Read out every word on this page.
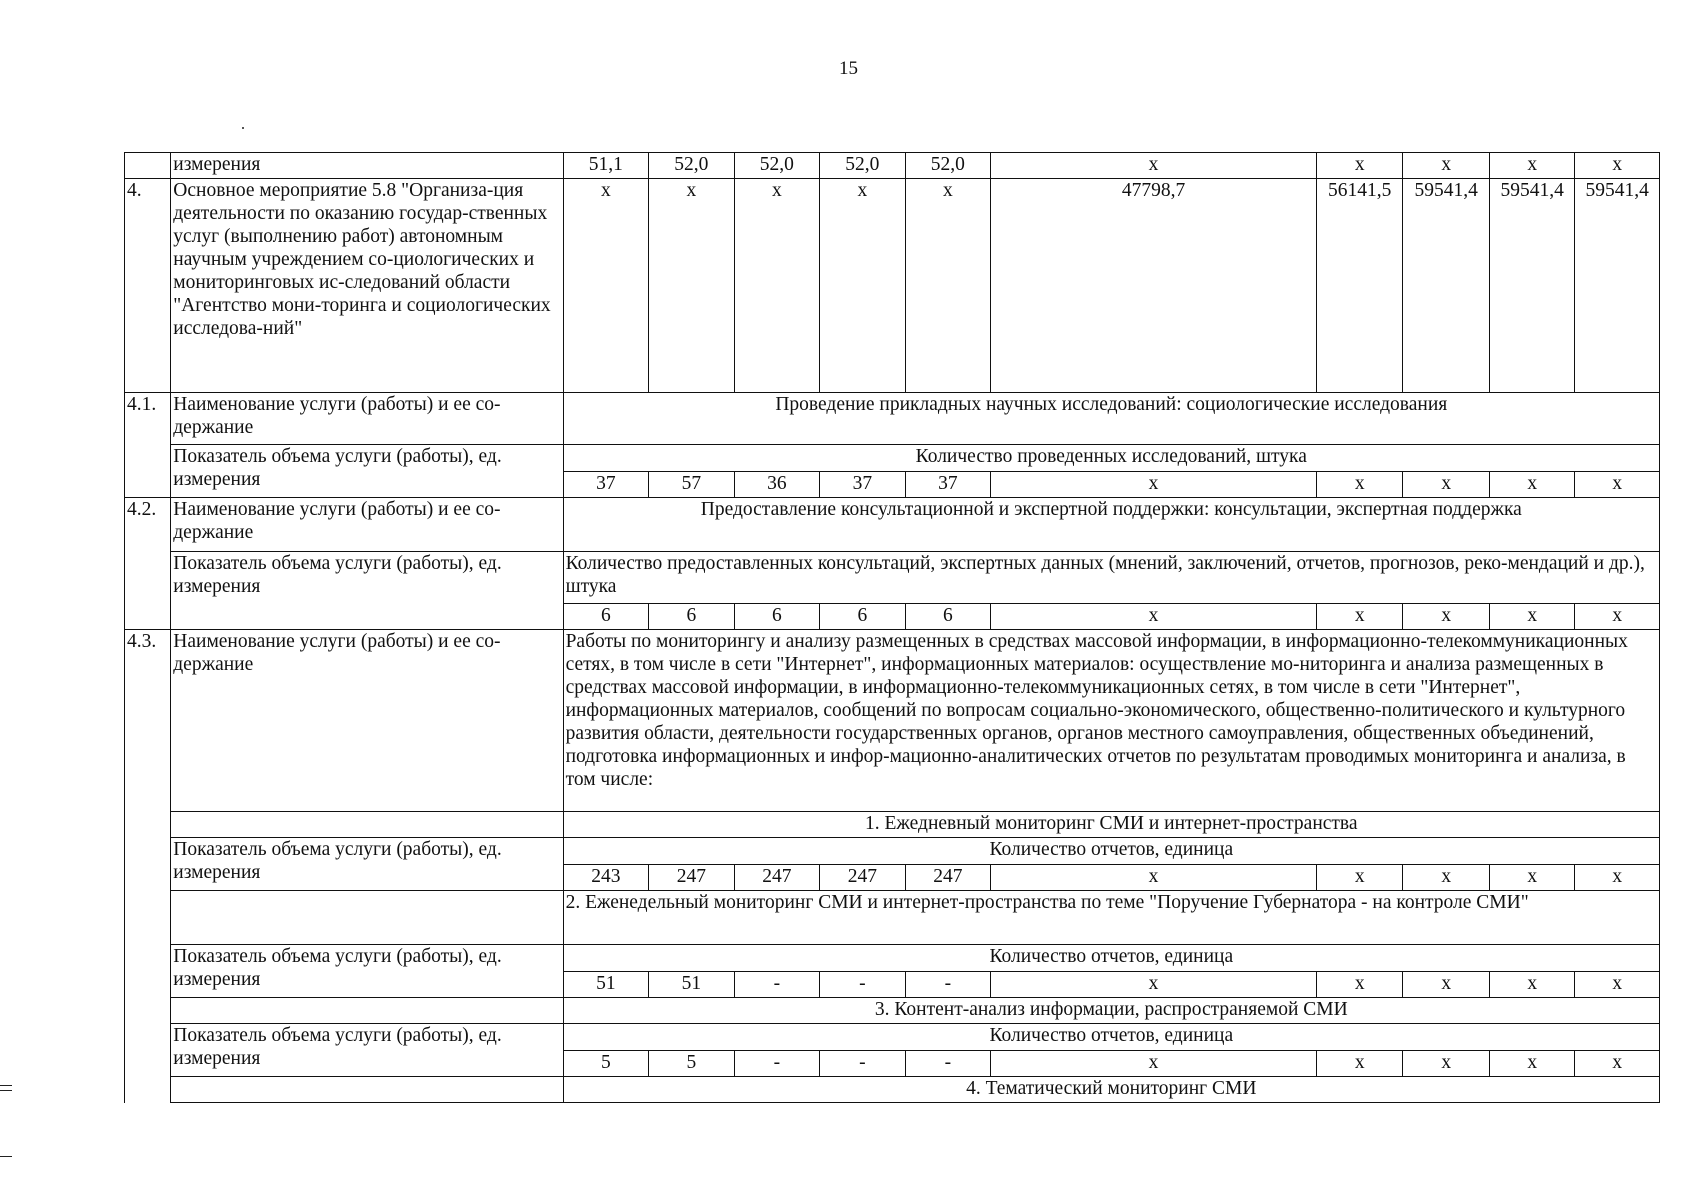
15
	измерения	51,1	52,0	52,0	52,0	52,0	х	х	х	х	х
4.	Основное мероприятие 5.8 "Организа-ция деятельности по оказанию государ-ственных услуг (выполнению работ) автономным научным учреждением со-циологических и мониторинговых ис-следований области "Агентство мони-торинга и социологических исследова-ний"	х	х	х	х	х	47798,7	56141,5	59541,4	59541,4	59541,4
4.1.	Наименование услуги (работы) и ее со-держание	Проведение прикладных научных исследований: социологические исследования									
	Показатель объема услуги (работы), ед. измерения	Количество проведенных исследований, штука									
		37	57	36	37	37	х	х	х	х	х
4.2.	Наименование услуги (работы) и ее со-держание	Предоставление консультационной и экспертной поддержки: консультации, экспертная поддержка									
	Показатель объема услуги (работы), ед. измерения	Количество предоставленных консультаций, экспертных данных (мнений, заключений, отчетов, прогнозов, реко-мендаций и др.), штука									
		6	6	6	6	6	х	х	х	х	х
4.3.	Наименование услуги (работы) и ее со-держание	Работы по мониторингу и анализу размещенных в средствах массовой информации, в информационно-телекоммуникационных сетях, в том числе в сети "Интернет", информационных материалов: осуществление мо-ниторинга и анализа размещенных в средствах массовой информации, в информационно-телекоммуникационных сетях, в том числе в сети "Интернет", информационных материалов, сообщений по вопросам социально-экономического, общественно-политического и культурного развития области, деятельности государственных органов, органов местного самоуправления, общественных объединений, подготовка информационных и инфор-мационно-аналитических отчетов по результатам проводимых мониторинга и анализа, в том числе:									
		1. Ежедневный мониторинг СМИ и интернет-пространства									
	Показатель объема услуги (работы), ед. измерения	Количество отчетов, единица									
		243	247	247	247	247	х	х	х	х	х
		2. Еженедельный мониторинг СМИ и интернет-пространства по теме "Поручение Губернатора - на контроле СМИ"									
	Показатель объема услуги (работы), ед. измерения	Количество отчетов, единица									
		51	51	-	-	-	х	х	х	х	х
		3. Контент-анализ информации, распространяемой СМИ									
	Показатель объема услуги (работы), ед. измерения	Количество отчетов, единица									
		5	5	-	-	-	х	х	х	х	х
		4. Тематический мониторинг СМИ									
